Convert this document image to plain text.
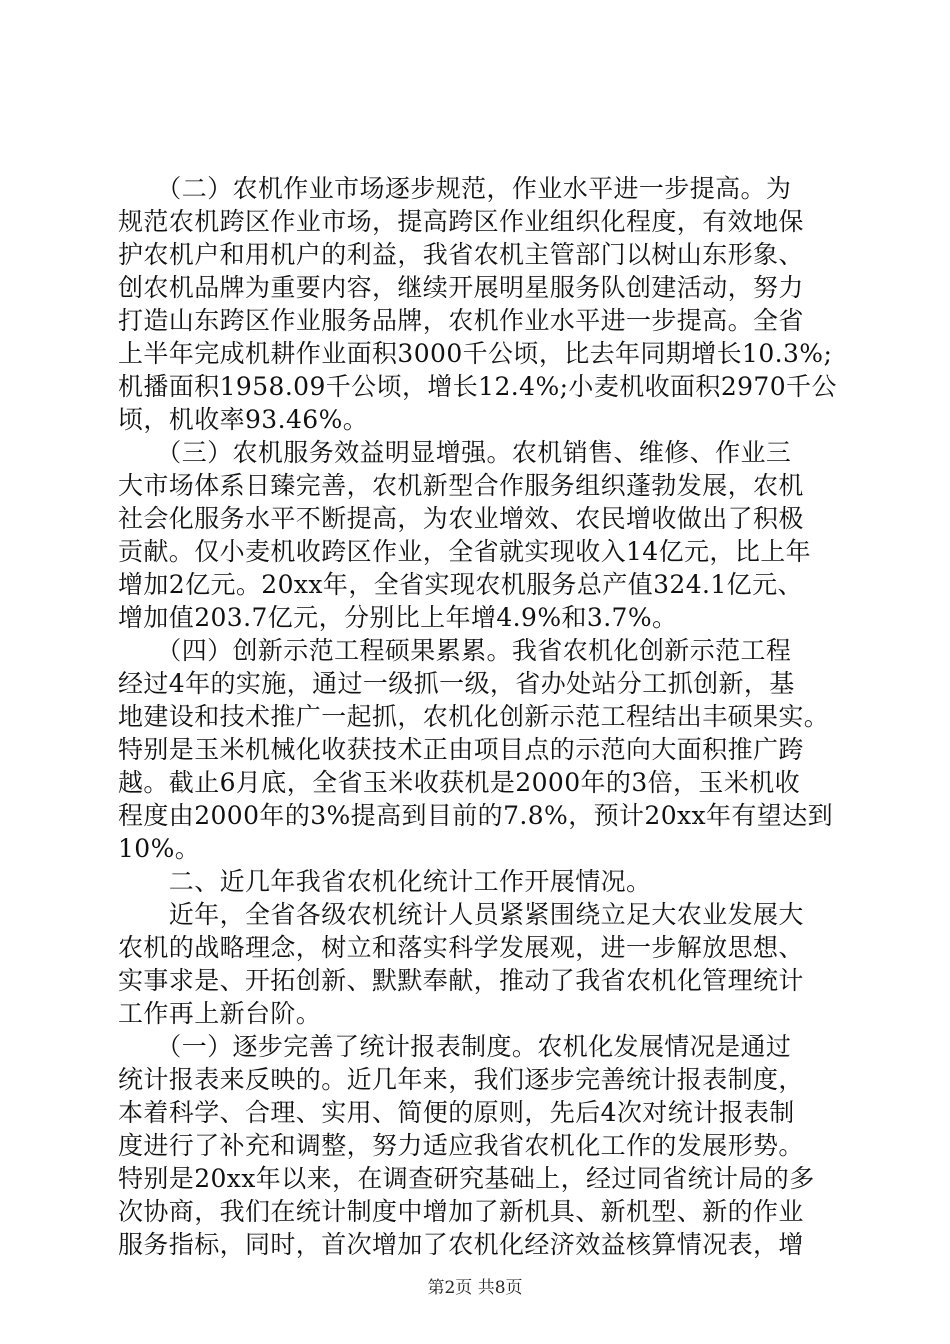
　　（二）农机作业市场逐步规范，作业水平进一步提高。为
规范农机跨区作业市场，提高跨区作业组织化程度，有效地保
护农机户和用机户的利益，我省农机主管部门以树山东形象、
创农机品牌为重要内容，继续开展明星服务队创建活动，努力
打造山东跨区作业服务品牌，农机作业水平进一步提高。全省
上半年完成机耕作业面积3000千公顷，比去年同期增长10.3%;
机播面积1958.09千公顷，增长12.4%;小麦机收面积2970千公
顷，机收率93.46%。
　　（三）农机服务效益明显增强。农机销售、维修、作业三
大市场体系日臻完善，农机新型合作服务组织蓬勃发展，农机
社会化服务水平不断提高，为农业增效、农民增收做出了积极
贡献。仅小麦机收跨区作业，全省就实现收入14亿元，比上年
增加2亿元。20xx年，全省实现农机服务总产值324.1亿元、
增加值203.7亿元，分别比上年增4.9%和3.7%。
　　（四）创新示范工程硕果累累。我省农机化创新示范工程
经过4年的实施，通过一级抓一级，省办处站分工抓创新，基
地建设和技术推广一起抓，农机化创新示范工程结出丰硕果实。
特别是玉米机械化收获技术正由项目点的示范向大面积推广跨
越。截止6月底，全省玉米收获机是2000年的3倍，玉米机收
程度由2000年的3%提高到目前的7.8%，预计20xx年有望达到
10%。
　　二、近几年我省农机化统计工作开展情况。
　　近年，全省各级农机统计人员紧紧围绕立足大农业发展大
农机的战略理念，树立和落实科学发展观，进一步解放思想、
实事求是、开拓创新、默默奉献，推动了我省农机化管理统计
工作再上新台阶。
　　（一）逐步完善了统计报表制度。农机化发展情况是通过
统计报表来反映的。近几年来，我们逐步完善统计报表制度，
本着科学、合理、实用、简便的原则，先后4次对统计报表制
度进行了补充和调整，努力适应我省农机化工作的发展形势。
特别是20xx年以来，在调查研究基础上，经过同省统计局的多
次协商，我们在统计制度中增加了新机具、新机型、新的作业
服务指标，同时，首次增加了农机化经济效益核算情况表，增
第2页 共8页
